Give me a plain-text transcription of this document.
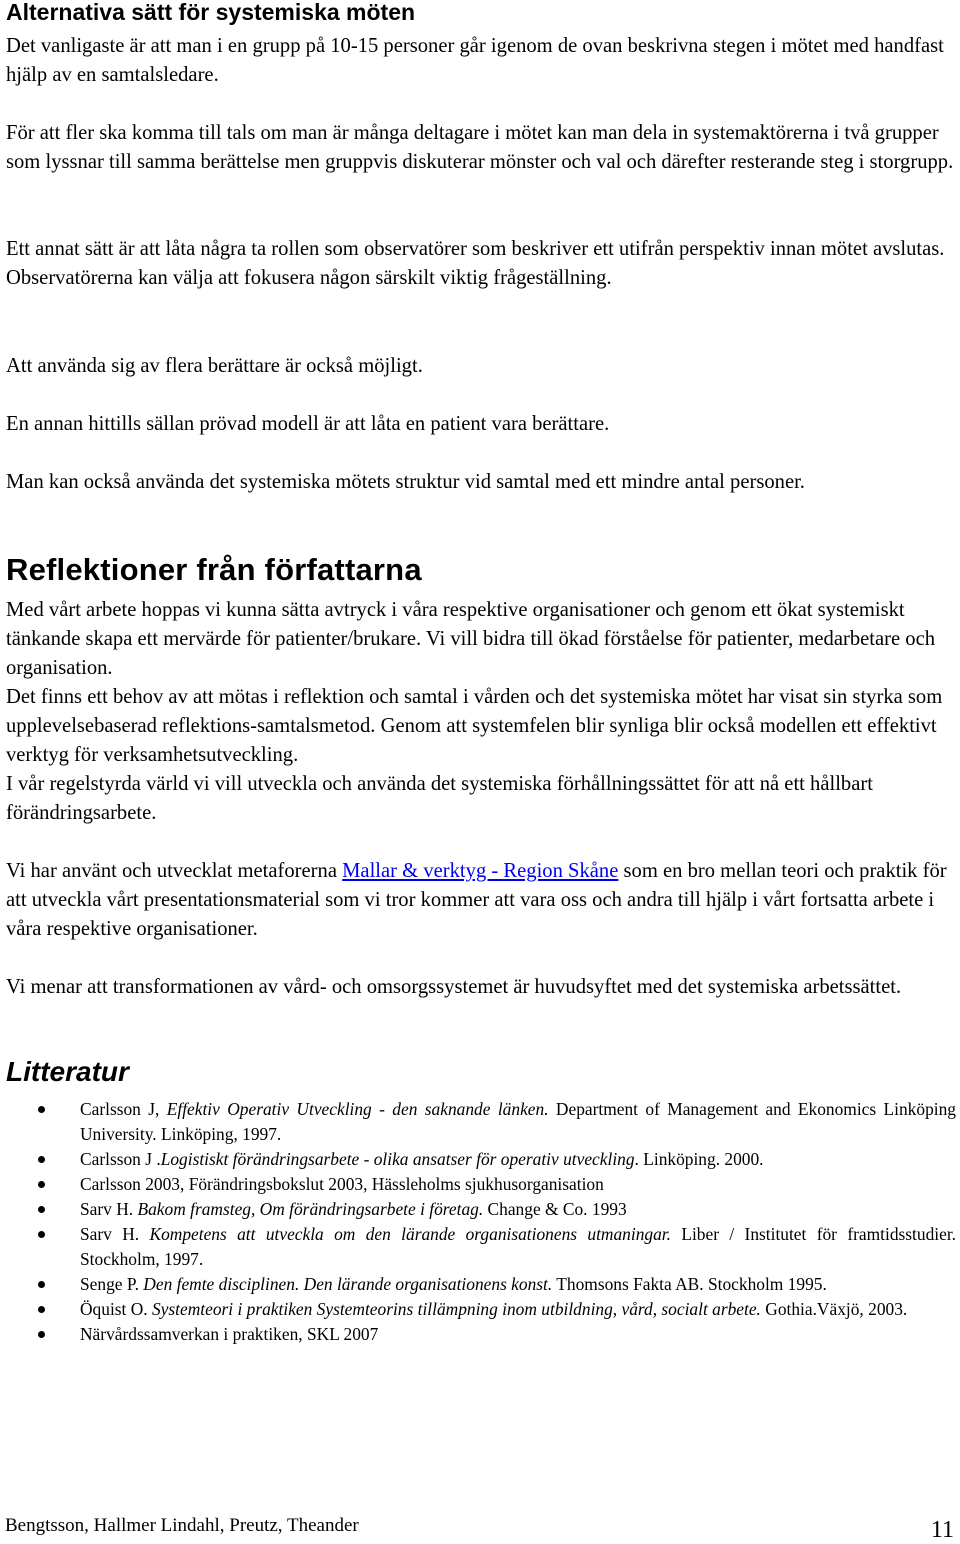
Alternativa sätt för systemiska möten

Det vanligaste är att man i en grupp på 10-15 personer går igenom de ovan beskrivna stegen i mötet med handfast hjälp av en samtalsledare.

För att fler ska komma till tals om man är många deltagare i mötet kan man dela in systemaktörerna i två grupper som lyssnar till samma berättelse men gruppvis diskuterar mönster och val och därefter resterande steg i storgrupp.

Ett annat sätt är att låta några ta rollen som observatörer som beskriver ett utifrån perspektiv innan mötet avslutas. Observatörerna kan välja att fokusera någon särskilt viktig frågeställning.

Att använda sig av flera berättare är också möjligt.

En annan hittills sällan prövad modell är att låta en patient vara berättare.

Man kan också använda det systemiska mötets struktur vid samtal med ett mindre antal personer.

Reflektioner från författarna

Med vårt arbete hoppas vi kunna sätta avtryck i våra respektive organisationer och genom ett ökat systemiskt tänkande skapa ett mervärde för patienter/brukare. Vi vill bidra till ökad förståelse för patienter, medarbetare och organisation.

Det finns ett behov av att mötas i reflektion och samtal i vården och det systemiska mötet har visat sin styrka som upplevelsebaserad reflektions-samtalsmetod. Genom att systemfelen blir synliga blir också modellen ett effektivt verktyg för verksamhetsutveckling.

I vår regelstyrda värld vi vill utveckla och använda det systemiska förhållningssättet för att nå ett hållbart förändringsarbete.

Vi har använt och utvecklat metaforerna Mallar & verktyg - Region Skåne som en bro mellan teori och praktik för att utveckla vårt presentationsmaterial som vi tror kommer att vara oss och andra till hjälp i vårt fortsatta arbete i våra respektive organisationer.

Vi menar att transformationen av vård- och omsorgssystemet är huvudsyftet med det systemiska arbetssättet.

Litteratur
Carlsson J, Effektiv Operativ Utveckling - den saknande länken. Department of Management and Ekonomics Linköping University. Linköping, 1997.
Carlsson J .Logistiskt förändringsarbete - olika ansatser för operativ utveckling. Linköping. 2000.
Carlsson 2003, Förändringsbokslut 2003, Hässleholms sjukhusorganisation
Sarv H. Bakom framsteg, Om förändringsarbete i företag. Change & Co. 1993
Sarv H. Kompetens att utveckla om den lärande organisationens utmaningar. Liber / Institutet för framtidsstudier. Stockholm, 1997.
Senge P. Den femte disciplinen. Den lärande organisationens konst. Thomsons Fakta AB. Stockholm 1995.
Öquist O. Systemteori i praktiken Systemteorins tillämpning inom utbildning, vård, socialt arbete. Gothia.Växjö, 2003.
Närvårdssamverkan i praktiken, SKL 2007
Bengtsson, Hallmer Lindahl, Preutz, Theander	11
